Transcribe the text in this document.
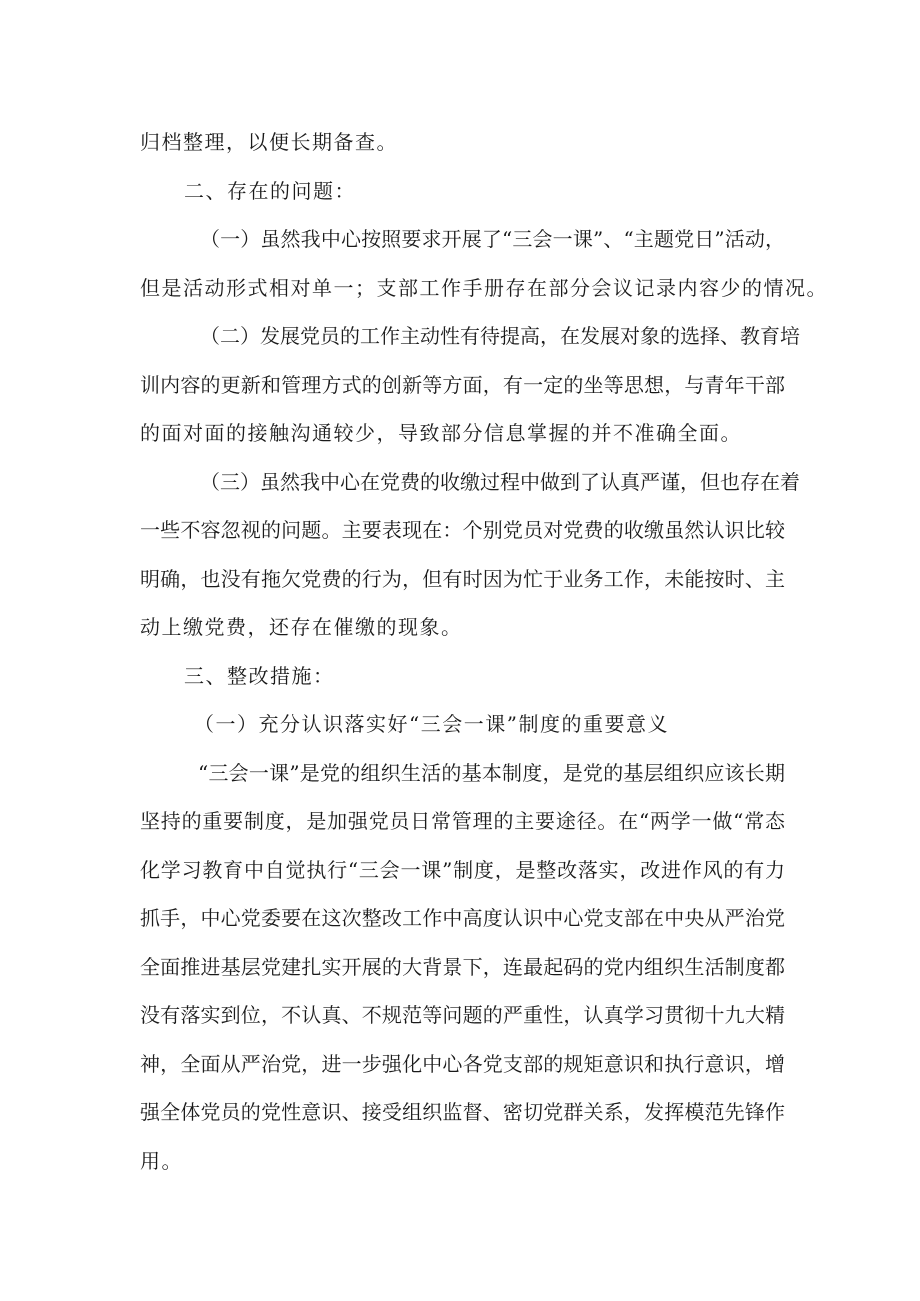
归档整理，以便长期备查。
二、存在的问题：
（一）虽然我中心按照要求开展了“三会一课”、“主题党日”活动，
但是活动形式相对单一；支部工作手册存在部分会议记录内容少的情况。
（二）发展党员的工作主动性有待提高，在发展对象的选择、教育培
训内容的更新和管理方式的创新等方面，有一定的坐等思想，与青年干部
的面对面的接触沟通较少，导致部分信息掌握的并不准确全面。
（三）虽然我中心在党费的收缴过程中做到了认真严谨，但也存在着
一些不容忽视的问题。主要表现在：个别党员对党费的收缴虽然认识比较
明确，也没有拖欠党费的行为，但有时因为忙于业务工作，未能按时、主
动上缴党费，还存在催缴的现象。
三、整改措施：
（一）充分认识落实好“三会一课”制度的重要意义
“三会一课”是党的组织生活的基本制度，是党的基层组织应该长期
坚持的重要制度，是加强党员日常管理的主要途径。在“两学一做“常态
化学习教育中自觉执行“三会一课”制度，是整改落实，改进作风的有力
抓手，中心党委要在这次整改工作中高度认识中心党支部在中央从严治党
全面推进基层党建扎实开展的大背景下，连最起码的党内组织生活制度都
没有落实到位，不认真、不规范等问题的严重性，认真学习贯彻十九大精
神，全面从严治党，进一步强化中心各党支部的规矩意识和执行意识，增
强全体党员的党性意识、接受组织监督、密切党群关系，发挥模范先锋作
用。
